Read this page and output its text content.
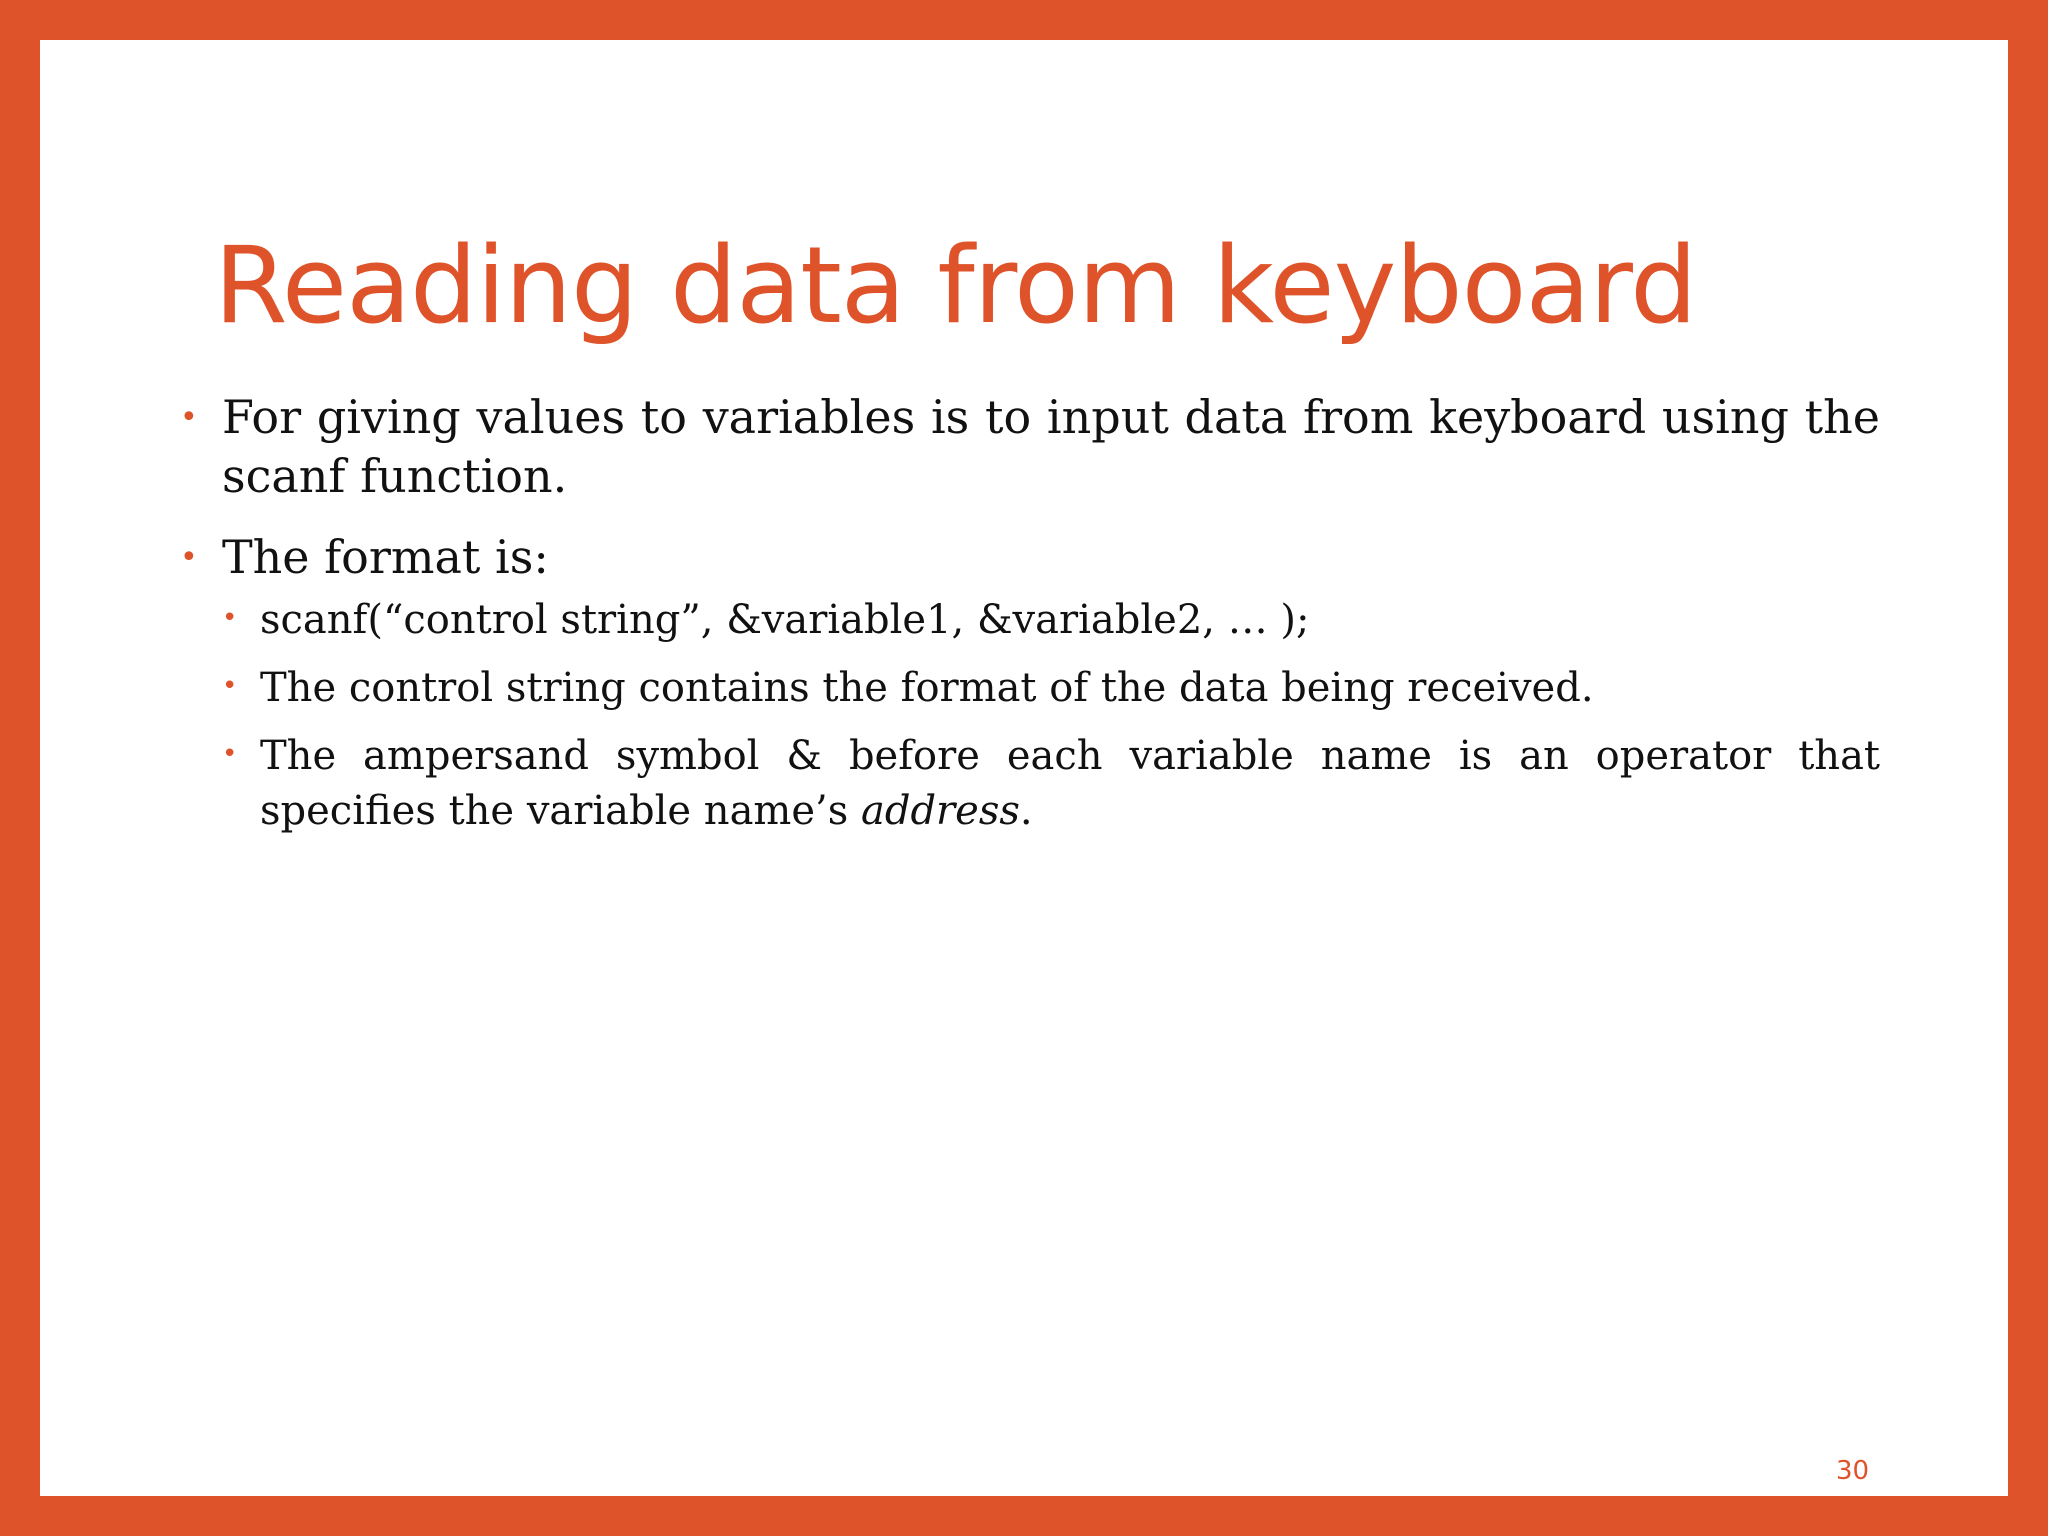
Reading data from keyboard
• For giving values to variables is to input data from keyboard using the scanf function.
• The format is:
• scanf(“control string”, &variable1, &variable2, … );
• The control string contains the format of the data being received.
• The ampersand symbol & before each variable name is an operator that specifies the variable name’s address.
30
